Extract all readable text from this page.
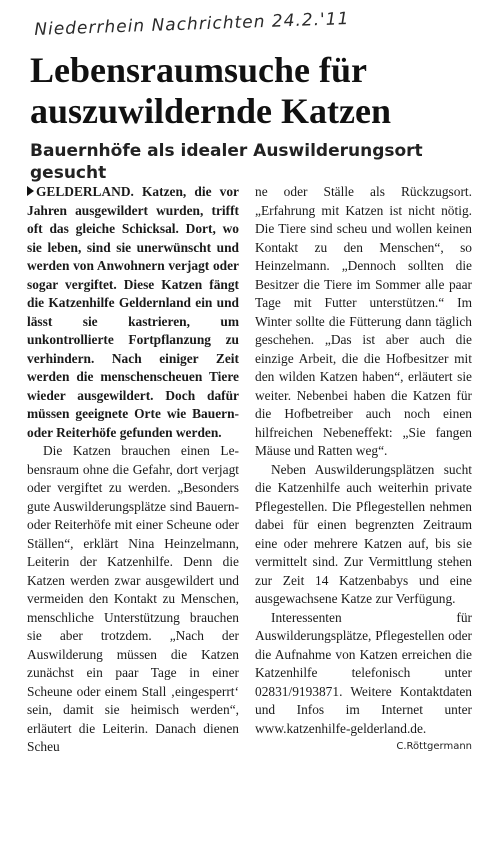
Niederrhein Nachrichten 24.2.'11
Lebensraumsuche für auszuwildernde Katzen
Bauernhöfe als idealer Auswilderungsort gesucht

GELDERLAND. Katzen, die vor Jahren ausgewildert wurden, trifft oft das gleiche Schicksal. Dort, wo sie leben, sind sie unerwünscht und werden von Anwohnern verjagt oder sogar vergiftet. Diese Katzen fängt die Katzenhilfe Geldernland ein und lässt sie kastrieren, um unkontrollierte Fortpflanzung zu verhindern. Nach einiger Zeit werden die menschenscheuen Tiere wieder ausgewildert. Doch dafür müssen geeignete Orte wie Bauern- oder Reiterhöfe gefunden werden.

Die Katzen brauchen einen Lebensraum ohne die Gefahr, dort verjagt oder vergiftet zu werden. „Besonders gute Auswilderungsplätze sind Bauern- oder Reiterhöfe mit einer Scheune oder Ställen“, erklärt Nina Heinzelmann, Leiterin der Katzenhilfe. Denn die Katzen werden zwar ausgewildert und vermeiden den Kontakt zu Menschen, menschliche Unterstützung brauchen sie aber trotzdem. „Nach der Auswilderung müssen die Katzen zunächst ein paar Tage in einer Scheune oder einem Stall ‚eingesperrt‘ sein, damit sie heimisch werden“, erläutert die Leiterin. Danach dienen Scheu

ne oder Ställe als Rückzugsort. „Erfahrung mit Katzen ist nicht nötig. Die Tiere sind scheu und wollen keinen Kontakt zu den Menschen“, so Heinzelmann. „Dennoch sollten die Besitzer die Tiere im Sommer alle paar Tage mit Futter unterstützen.“ Im Winter sollte die Fütterung dann täglich geschehen. „Das ist aber auch die einzige Arbeit, die die Hofbesitzer mit den wilden Katzen haben“, erläutert sie weiter. Nebenbei haben die Katzen für die Hofbetreiber auch noch einen hilfreichen Nebeneffekt: „Sie fangen Mäuse und Ratten weg“.

Neben Auswilderungsplätzen sucht die Katzenhilfe auch weiterhin private Pflegestellen. Die Pflegestellen nehmen dabei für einen begrenzten Zeitraum eine oder mehrere Katzen auf, bis sie vermittelt sind. Zur Vermittlung stehen zur Zeit 14 Katzenbabys und eine ausgewachsene Katze zur Verfügung.

Interessenten für Auswilderungsplätze, Pflegestellen oder die Aufnahme von Katzen erreichen die Katzenhilfe telefonisch unter 02831/9193871. Weitere Kontaktdaten und Infos im Internet unter www.katzenhilfe-gelderland.de.
C.Röttgermann
